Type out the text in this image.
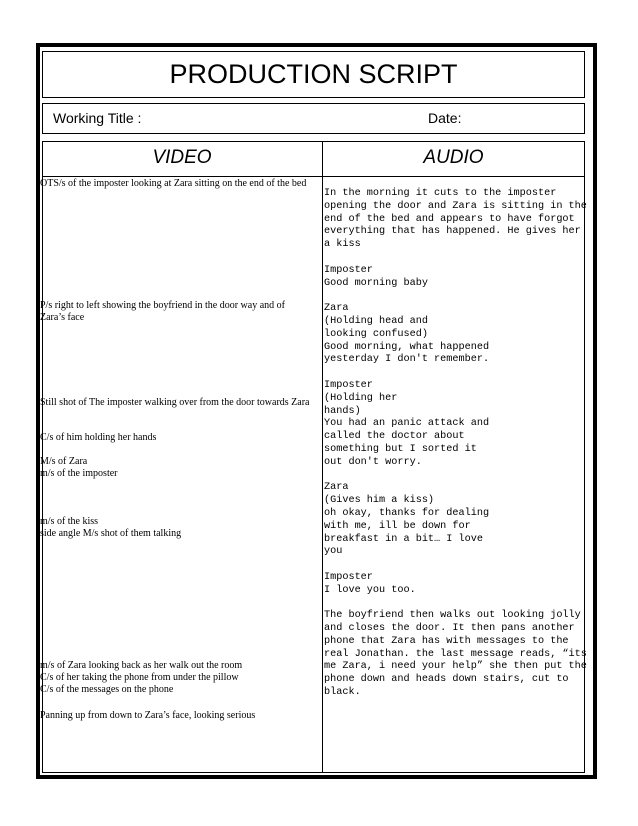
PRODUCTION SCRIPT
Working Title :	Date:
VIDEO	AUDIO
OTS/s of the imposter looking at Zara sitting on the end of the bed
P/s right to left showing the boyfriend in the door way and of
Zara’s face
Still shot of The imposter walking over from the door towards Zara
C/s of him holding her hands
M/s of Zara
m/s of the imposter
m/s of the kiss
side angle M/s shot of them talking
m/s of Zara looking back as her walk out the room
C/s of her taking the phone from under the pillow
C/s of the messages on the phone
Panning up from down to Zara’s face, looking serious
In the morning it cuts to the imposter
opening the door and Zara is sitting in the
end of the bed and appears to have forgot
everything that has happened. He gives her
a kiss
Imposter
Good morning baby
Zara
(Holding head and
looking confused)
Good morning, what happened
yesterday I don't remember.
Imposter
(Holding her
hands)
You had an panic attack and
called the doctor about
something but I sorted it
out don't worry.
Zara
(Gives him a kiss)
oh okay, thanks for dealing
with me, ill be down for
breakfast in a bit… I love
you
Imposter
I love you too.
The boyfriend then walks out looking jolly
and closes the door. It then pans another
phone that Zara has with messages to the
real Jonathan. the last message reads, “its
me Zara, i need your help” she then put the
phone down and heads down stairs, cut to
black.
